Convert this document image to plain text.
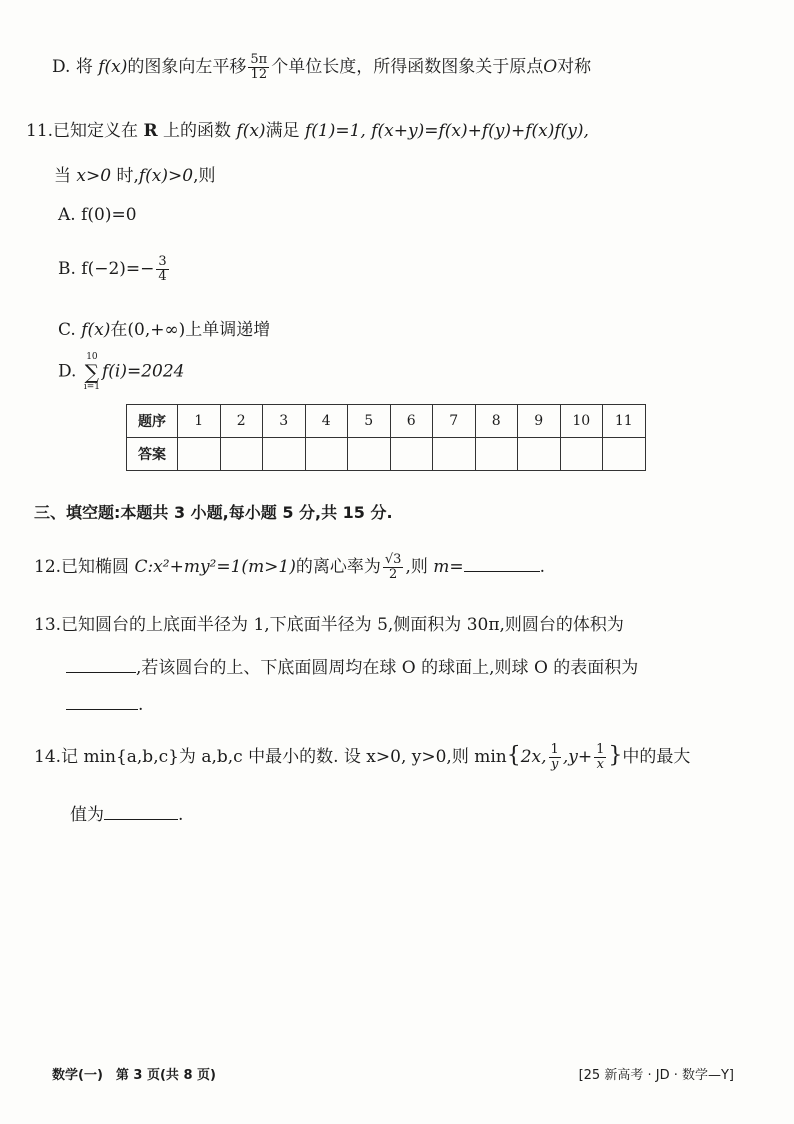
D. 将 f(x)的图象向左平移 $\frac{5\pi}{12}$ 个单位长度，所得函数图象关于原点O对称
11.已知定义在 R 上的函数 f(x)满足 f(1)=1, f(x+y)=f(x)+f(y)+f(x)f(y),
当 x>0 时,f(x)>0,则
A. f(0)=0
B. $f(-2)=- \frac{3}{4}$
C. f(x)在(0,+∞)上单调递增
D. 10
∑
i=1f(i)=2024
题序	1	2	3	4	5	6	7	8	9	10	11
答案											
三、填空题:本题共 3 小题,每小题 5 分,共 15 分.
12.已知椭圆 C:x²+my²=1(m>1)的离心率为 $\frac{√3}{2}$ ,则 m=	.
13.已知圆台的上底面半径为 1,下底面半径为 5,侧面积为 30π,则圆台的体积为
,若该圆台的上、下底面圆周均在球 O 的球面上,则球 O 的表面积为
.
14.记 min{a,b,c}为 a,b,c 中最小的数. 设 x>0, y>0,则 min{2x, $\frac{1}{y} ,y+ \frac{1}{x}$ }中的最大
值为	.
数学(一)　第 3 页(共 8 页)	[25 新高考 · JD · 数学—Y]
